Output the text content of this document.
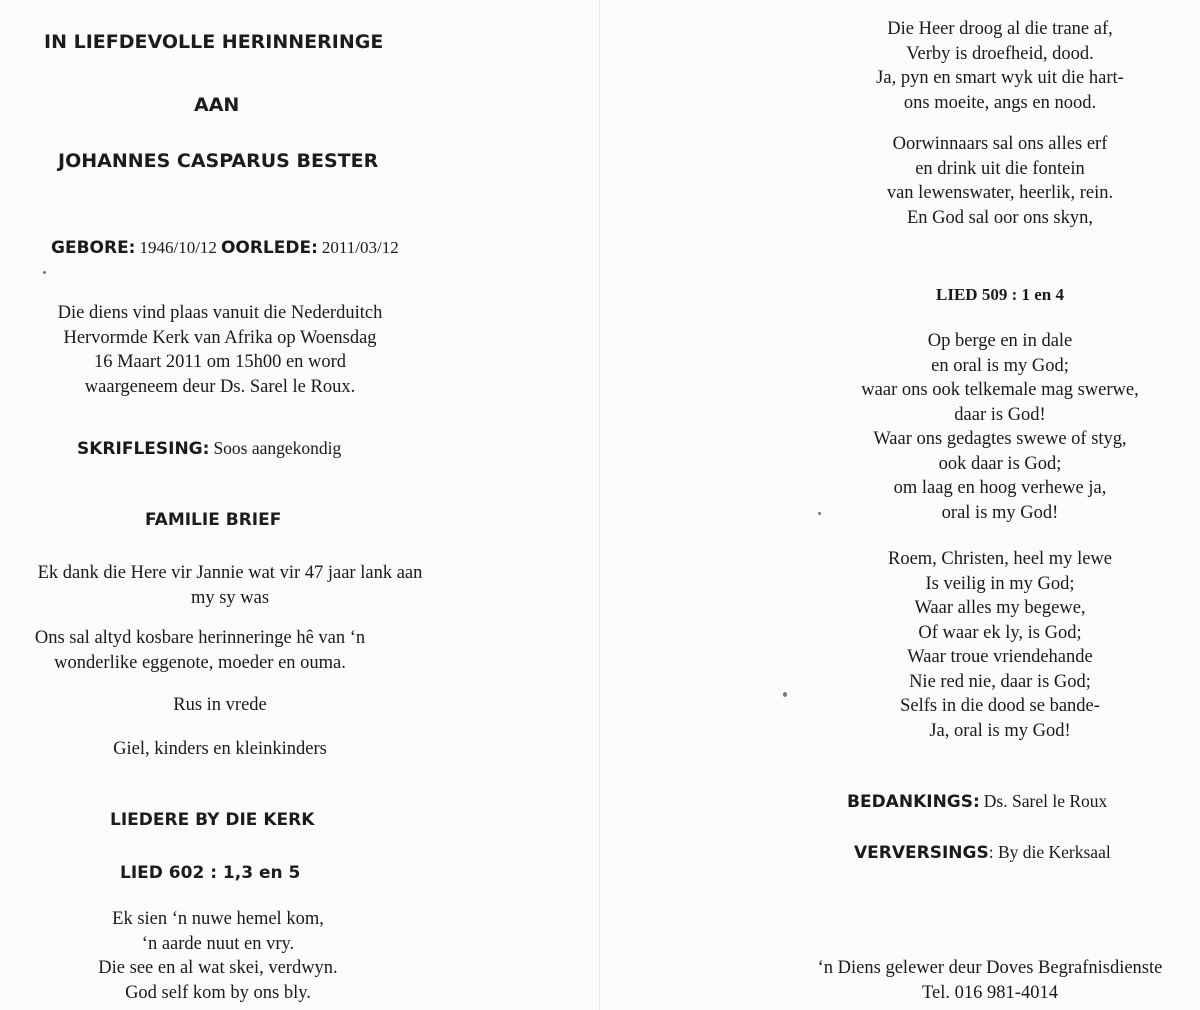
IN LIEFDEVOLLE HERINNERINGE
AAN
JOHANNES CASPARUS BESTER
GEBORE: 1946/10/12 OORLEDE: 2011/03/12
Die diens vind plaas vanuit die Nederduitch
Hervormde Kerk van Afrika op Woensdag
16 Maart 2011 om 15h00 en word
waargeneem deur Ds. Sarel le Roux.
SKRIFLESING: Soos aangekondig
FAMILIE BRIEF
Ek dank die Here vir Jannie wat vir 47 jaar lank aan
my sy was
Ons sal altyd kosbare herinneringe hê van ‘n
wonderlike eggenote, moeder en ouma.
Rus in vrede
Giel, kinders en kleinkinders
LIEDERE BY DIE KERK
LIED 602 : 1,3 en 5
Ek sien ‘n nuwe hemel kom,
‘n aarde nuut en vry.
Die see en al wat skei, verdwyn.
God self kom by ons bly.
Die Heer droog al die trane af,
Verby is droefheid, dood.
Ja, pyn en smart wyk uit die hart-
ons moeite, angs en nood.
Oorwinnaars sal ons alles erf
en drink uit die fontein
van lewenswater, heerlik, rein.
En God sal oor ons skyn,
LIED 509 : 1 en 4
Op berge en in dale
en oral is my God;
waar ons ook telkemale mag swerwe,
daar is God!
Waar ons gedagtes swewe of styg,
ook daar is God;
om laag en hoog verhewe ja,
oral is my God!
Roem, Christen, heel my lewe
Is veilig in my God;
Waar alles my begewe,
Of waar ek ly, is God;
Waar troue vriendehande
Nie red nie, daar is God;
Selfs in die dood se bande-
Ja, oral is my God!
BEDANKINGS: Ds. Sarel le Roux
VERVERSINGS: By die Kerksaal
‘n Diens gelewer deur Doves Begrafnisdienste
Tel. 016 981-4014
